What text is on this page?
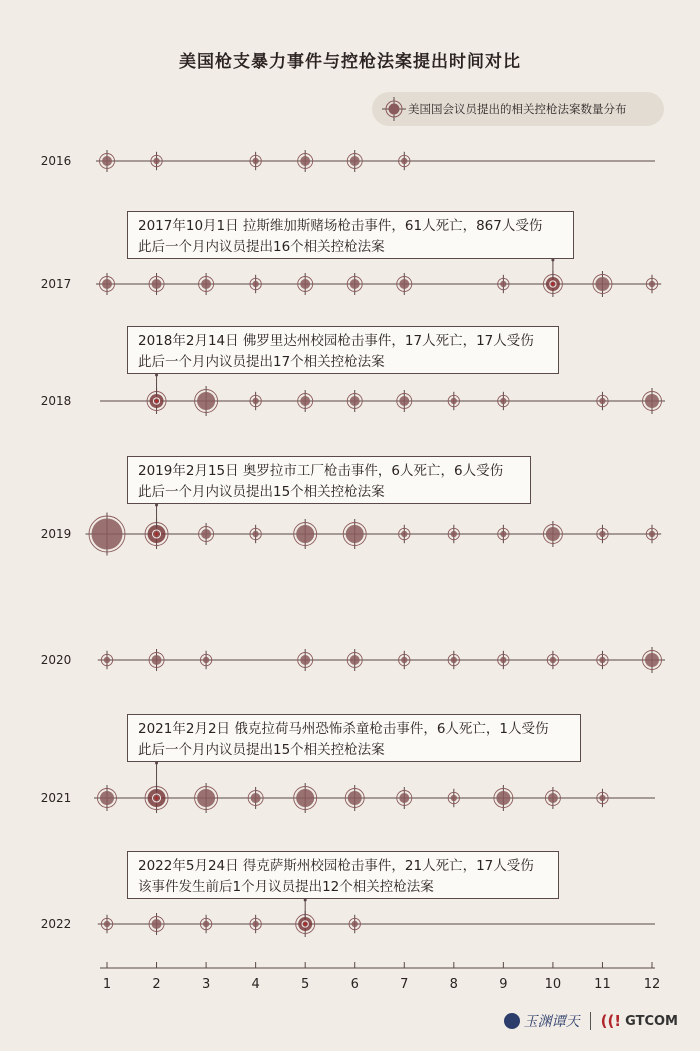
美国枪支暴力事件与控枪法案提出时间对比
美国国会议员提出的相关控枪法案数量分布
2016
2017
2018
2019
2020
2021
2022
1	2	3	4	5	6	7	8	9	10	11	12
2017年10月1日 拉斯维加斯赌场枪击事件，61人死亡，867人受伤
此后一个月内议员提出16个相关控枪法案
2018年2月14日 佛罗里达州校园枪击事件，17人死亡，17人受伤
此后一个月内议员提出17个相关控枪法案
2019年2月15日 奥罗拉市工厂枪击事件，6人死亡，6人受伤
此后一个月内议员提出15个相关控枪法案
2021年2月2日 俄克拉荷马州恐怖杀童枪击事件，6人死亡，1人受伤
此后一个月内议员提出15个相关控枪法案
2022年5月24日 得克萨斯州校园枪击事件，21人死亡，17人受伤
该事件发生前后1个月议员提出12个相关控枪法案
玉渊谭天 ((! GTCOM
